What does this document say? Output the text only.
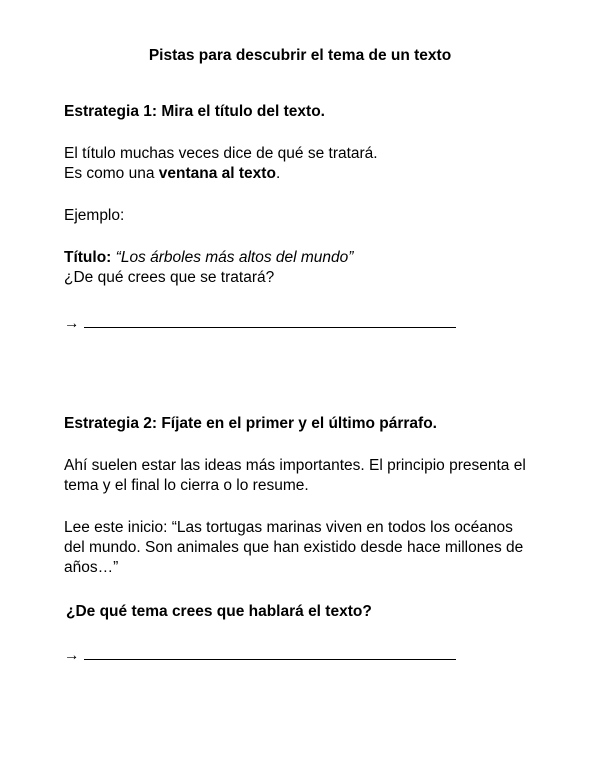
Pistas para descubrir el tema de un texto
Estrategia 1: Mira el título del texto.
El título muchas veces dice de qué se tratará.
Es como una ventana al texto.
Ejemplo:
Título: “Los árboles más altos del mundo”
¿De qué crees que se tratará?
→
Estrategia 2: Fíjate en el primer y el último párrafo.
Ahí suelen estar las ideas más importantes. El principio presenta el
tema y el final lo cierra o lo resume.
Lee este inicio: “Las tortugas marinas viven en todos los océanos
del mundo. Son animales que han existido desde hace millones de
años…”
¿De qué tema crees que hablará el texto?
→
